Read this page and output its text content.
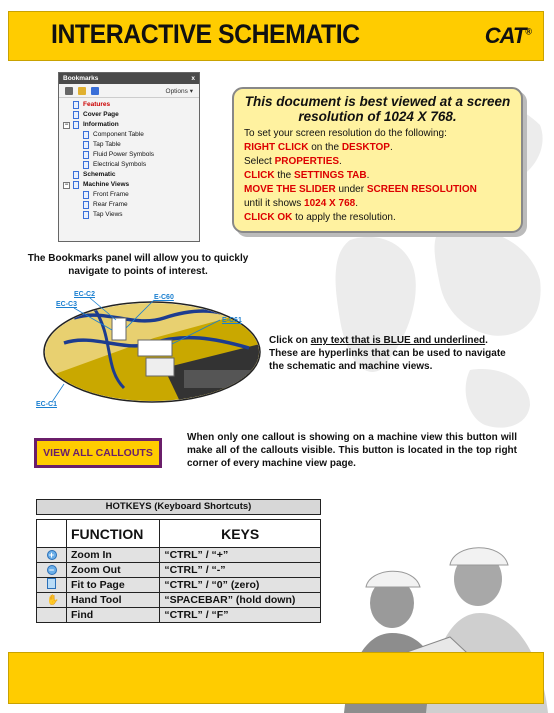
INTERACTIVE SCHEMATIC	CAT®
Bookmarks	x
Options ▾
Features
Cover Page
− Information
Component Table
Tap Table
Fluid Power Symbols
Electrical Symbols
Schematic
− Machine Views
Front Frame
Rear Frame
Tap Views
The Bookmarks panel will allow you to quickly navigate to points of interest.
This document is best viewed at a screen resolution of 1024 X 768.
To set your screen resolution do the following:
RIGHT CLICK on the DESKTOP.
Select PROPERTIES.
CLICK the SETTINGS TAB.
MOVE THE SLIDER under SCREEN RESOLUTION
until it shows 1024 X 768.
CLICK OK to apply the resolution.
EC-C2
EC-C3
E-C60
E-C61
EC-C1
Click on any text that is BLUE and underlined. These are hyperlinks that can be used to navigate the schematic and machine views.
VIEW ALL CALLOUTS
When only one callout is showing on a machine view this button will make all of the callouts visible. This button is located in the top right corner of every machine view page.
HOTKEYS (Keyboard Shortcuts)
	FUNCTION	KEYS
+	Zoom In	“CTRL” / “+”
−	Zoom Out	“CTRL” / “-”
	Fit to Page	“CTRL” / “0” (zero)
✋	Hand Tool	“SPACEBAR” (hold down)
	Find	“CTRL” / “F”
